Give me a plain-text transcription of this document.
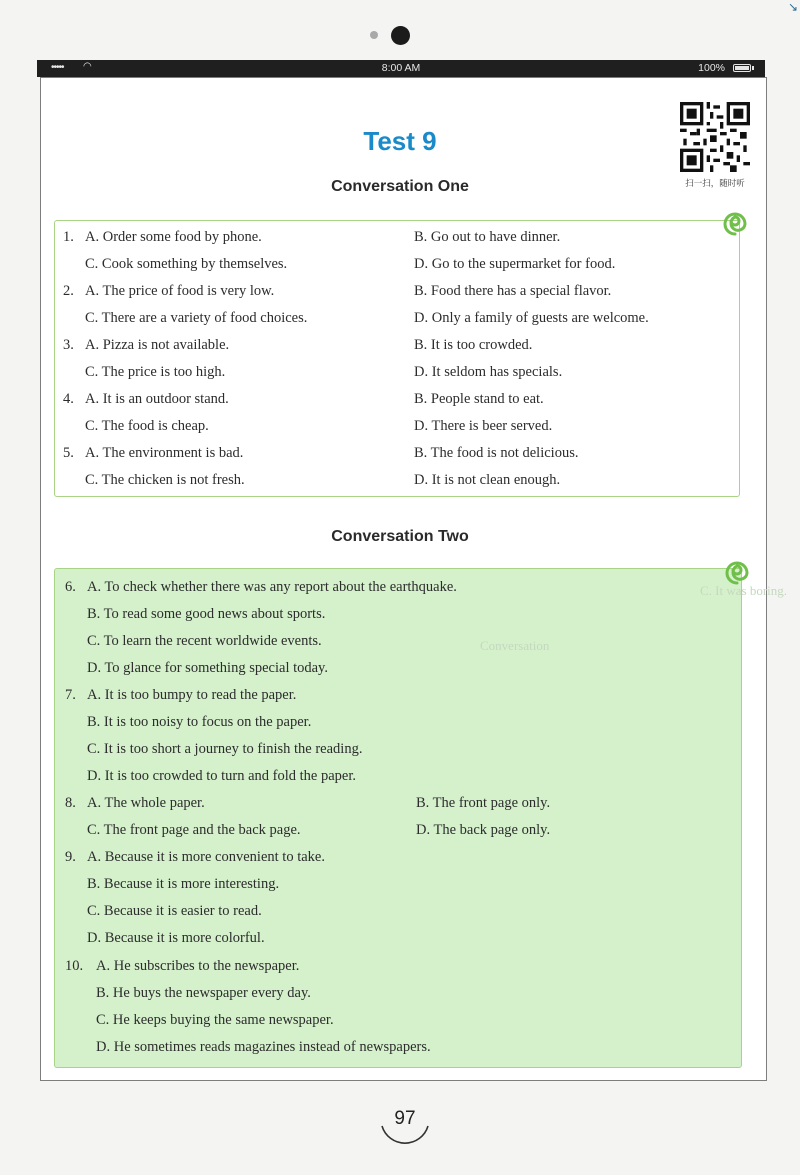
↘
••••• ◠	8:00 AM	100%
Test 9
扫一扫，随时听
Conversation One
1. A. Order some food by phone.	B. Go out to have dinner.
C. Cook something by themselves.	D. Go to the supermarket for food.
2. A. The price of food is very low.	B. Food there has a special flavor.
C. There are a variety of food choices.	D. Only a family of guests are welcome.
3. A. Pizza is not available.	B. It is too crowded.
C. The price is too high.	D. It seldom has specials.
4. A. It is an outdoor stand.	B. People stand to eat.
C. The food is cheap.	D. There is beer served.
5. A. The environment is bad.	B. The food is not delicious.
C. The chicken is not fresh.	D. It is not clean enough.
Conversation Two
C. It was boring.
Conversation
6. A. To check whether there was any report about the earthquake.
B. To read some good news about sports.
C. To learn the recent worldwide events.
D. To glance for something special today.
7. A. It is too bumpy to read the paper.
B. It is too noisy to focus on the paper.
C. It is too short a journey to finish the reading.
D. It is too crowded to turn and fold the paper.
8. A. The whole paper.	B. The front page only.
C. The front page and the back page.	D. The back page only.
9. A. Because it is more convenient to take.
B. Because it is more interesting.
C. Because it is easier to read.
D. Because it is more colorful.
10. A. He subscribes to the newspaper.
B. He buys the newspaper every day.
C. He keeps buying the same newspaper.
D. He sometimes reads magazines instead of newspapers.
97
